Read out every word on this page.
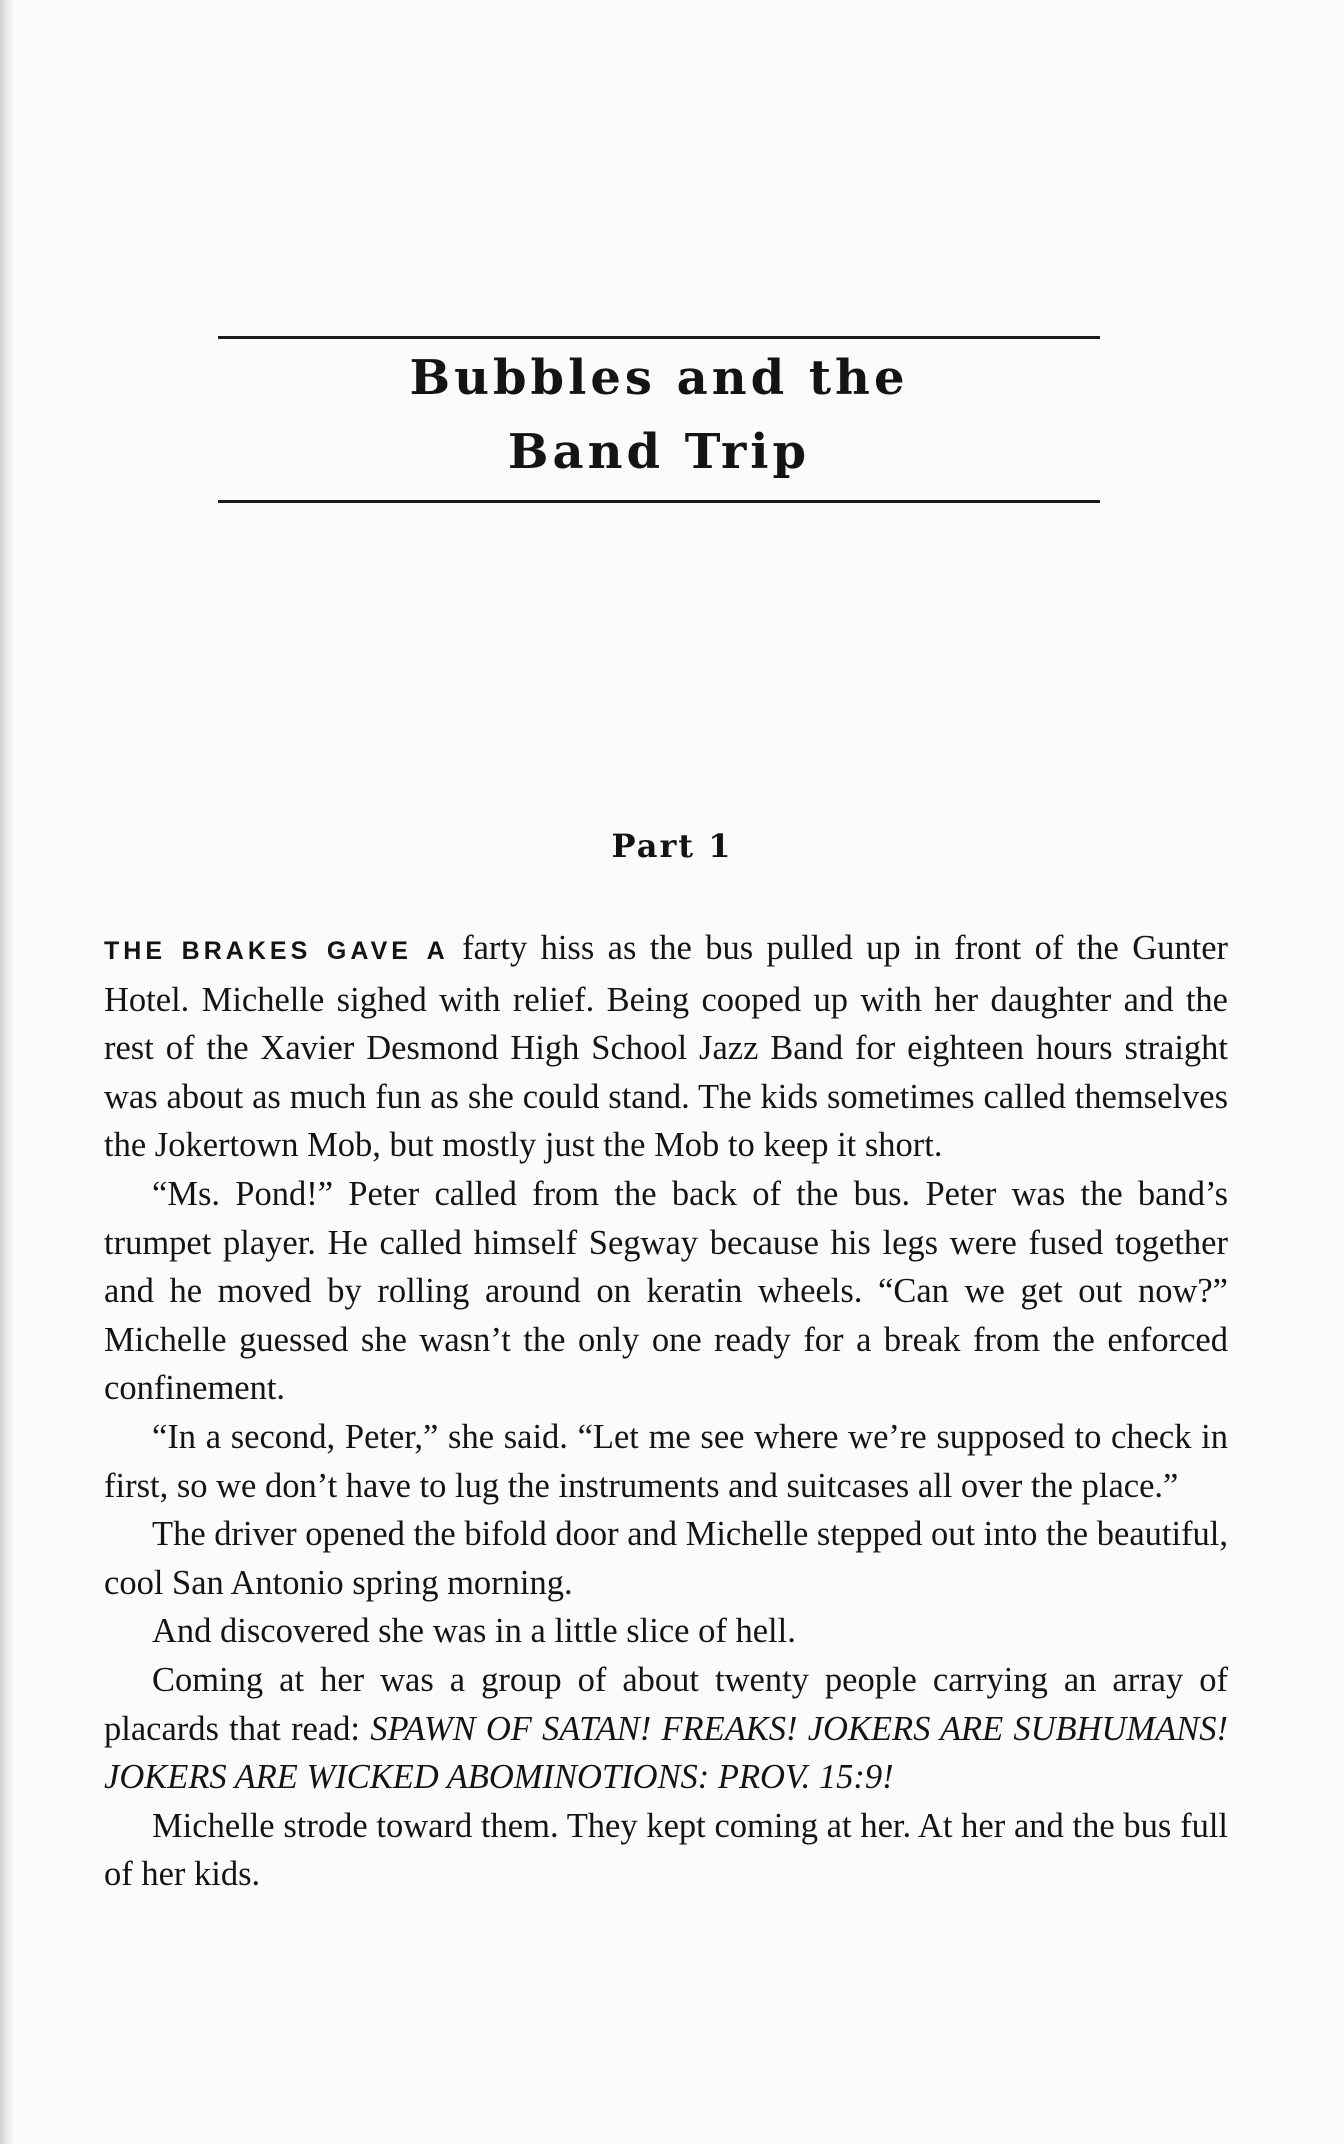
Bubbles and the
Band Trip
Part 1

THE BRAKES GAVE A farty hiss as the bus pulled up in front of the Gunter Hotel. Michelle sighed with relief. Being cooped up with her daughter and the rest of the Xavier Desmond High School Jazz Band for eighteen hours straight was about as much fun as she could stand. The kids sometimes called themselves the Jokertown Mob, but mostly just the Mob to keep it short.

“Ms. Pond!” Peter called from the back of the bus. Peter was the band’s trumpet player. He called himself Segway because his legs were fused together and he moved by rolling around on keratin wheels. “Can we get out now?” Michelle guessed she wasn’t the only one ready for a break from the enforced confinement.

“In a second, Peter,” she said. “Let me see where we’re supposed to check in first, so we don’t have to lug the instruments and suitcases all over the place.”

The driver opened the bifold door and Michelle stepped out into the beautiful, cool San Antonio spring morning.

And discovered she was in a little slice of hell.

Coming at her was a group of about twenty people carrying an array of placards that read: SPAWN OF SATAN! FREAKS! JOKERS ARE SUBHUMANS! JOKERS ARE WICKED ABOMINOTIONS: PROV. 15:9!

Michelle strode toward them. They kept coming at her. At her and the bus full of her kids.
